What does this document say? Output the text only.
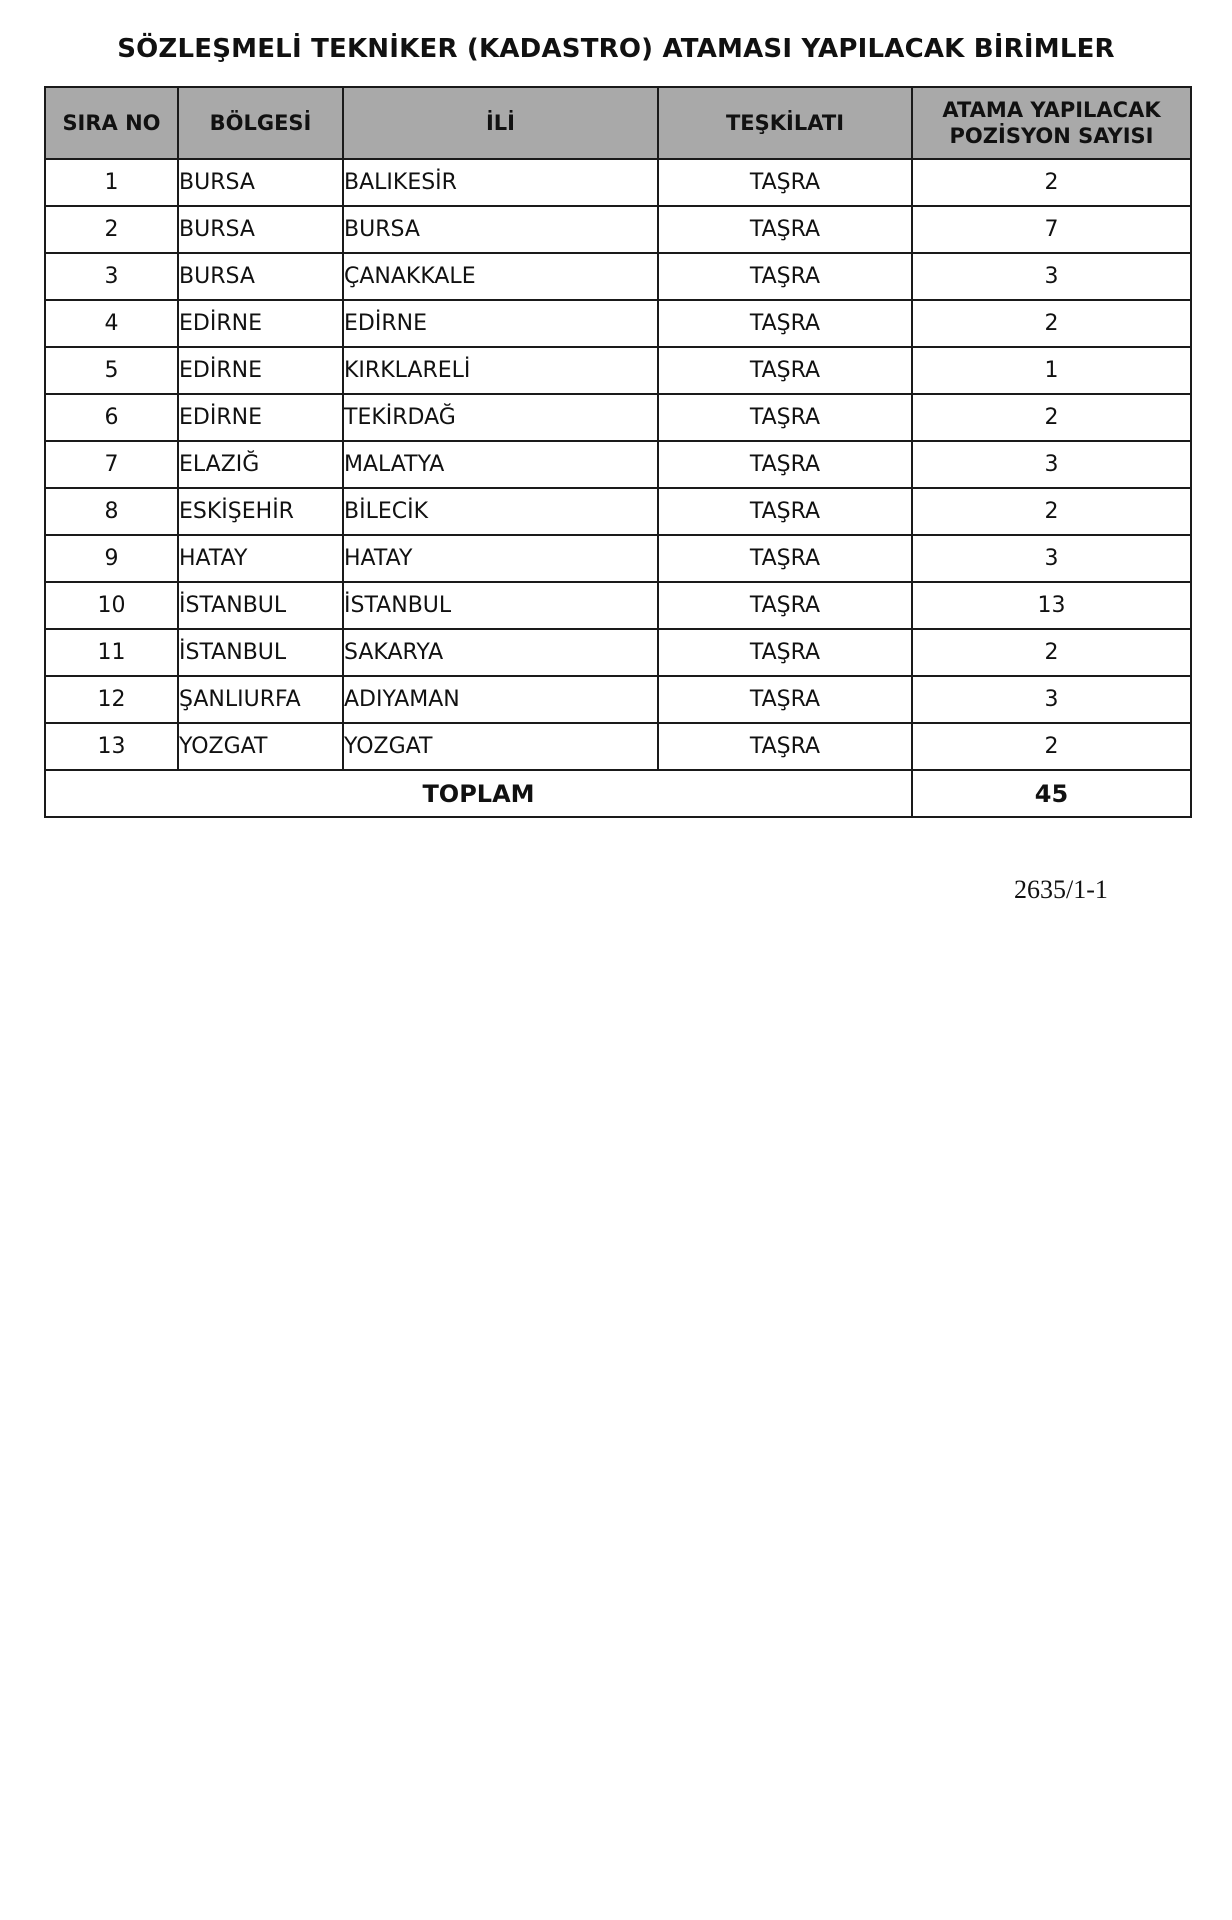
SÖZLEŞMELİ TEKNİKER (KADASTRO) ATAMASI YAPILACAK BİRİMLER
SIRA NO	BÖLGESİ	İLİ	TEŞKİLATI	ATAMA YAPILACAK
POZİSYON SAYISI
1	BURSA	BALIKESİR	TAŞRA	2
2	BURSA	BURSA	TAŞRA	7
3	BURSA	ÇANAKKALE	TAŞRA	3
4	EDİRNE	EDİRNE	TAŞRA	2
5	EDİRNE	KIRKLARELİ	TAŞRA	1
6	EDİRNE	TEKİRDAĞ	TAŞRA	2
7	ELAZIĞ	MALATYA	TAŞRA	3
8	ESKİŞEHİR	BİLECİK	TAŞRA	2
9	HATAY	HATAY	TAŞRA	3
10	İSTANBUL	İSTANBUL	TAŞRA	13
11	İSTANBUL	SAKARYA	TAŞRA	2
12	ŞANLIURFA	ADIYAMAN	TAŞRA	3
13	YOZGAT	YOZGAT	TAŞRA	2
TOPLAM				45
2635/1-1
